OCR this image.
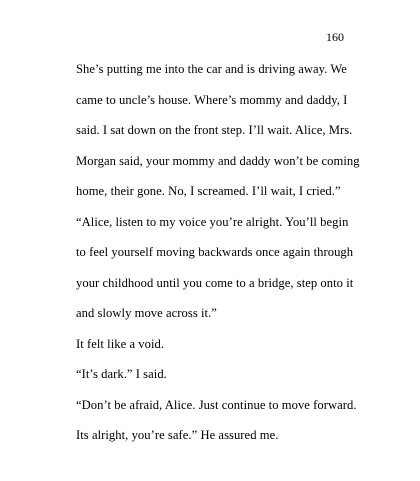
160
She’s putting me into the car and is driving away. We
came to uncle’s house. Where’s mommy and daddy, I
said. I sat down on the front step. I’ll wait. Alice, Mrs.
Morgan said, your mommy and daddy won’t be coming
home, their gone. No, I screamed. I’ll wait, I cried.”
“Alice, listen to my voice you’re alright. You’ll begin
to feel yourself moving backwards once again through
your childhood until you come to a bridge, step onto it
and slowly move across it.”
It felt like a void.
“It’s dark.” I said.
“Don’t be afraid, Alice. Just continue to move forward.
Its alright, you’re safe.” He assured me.
